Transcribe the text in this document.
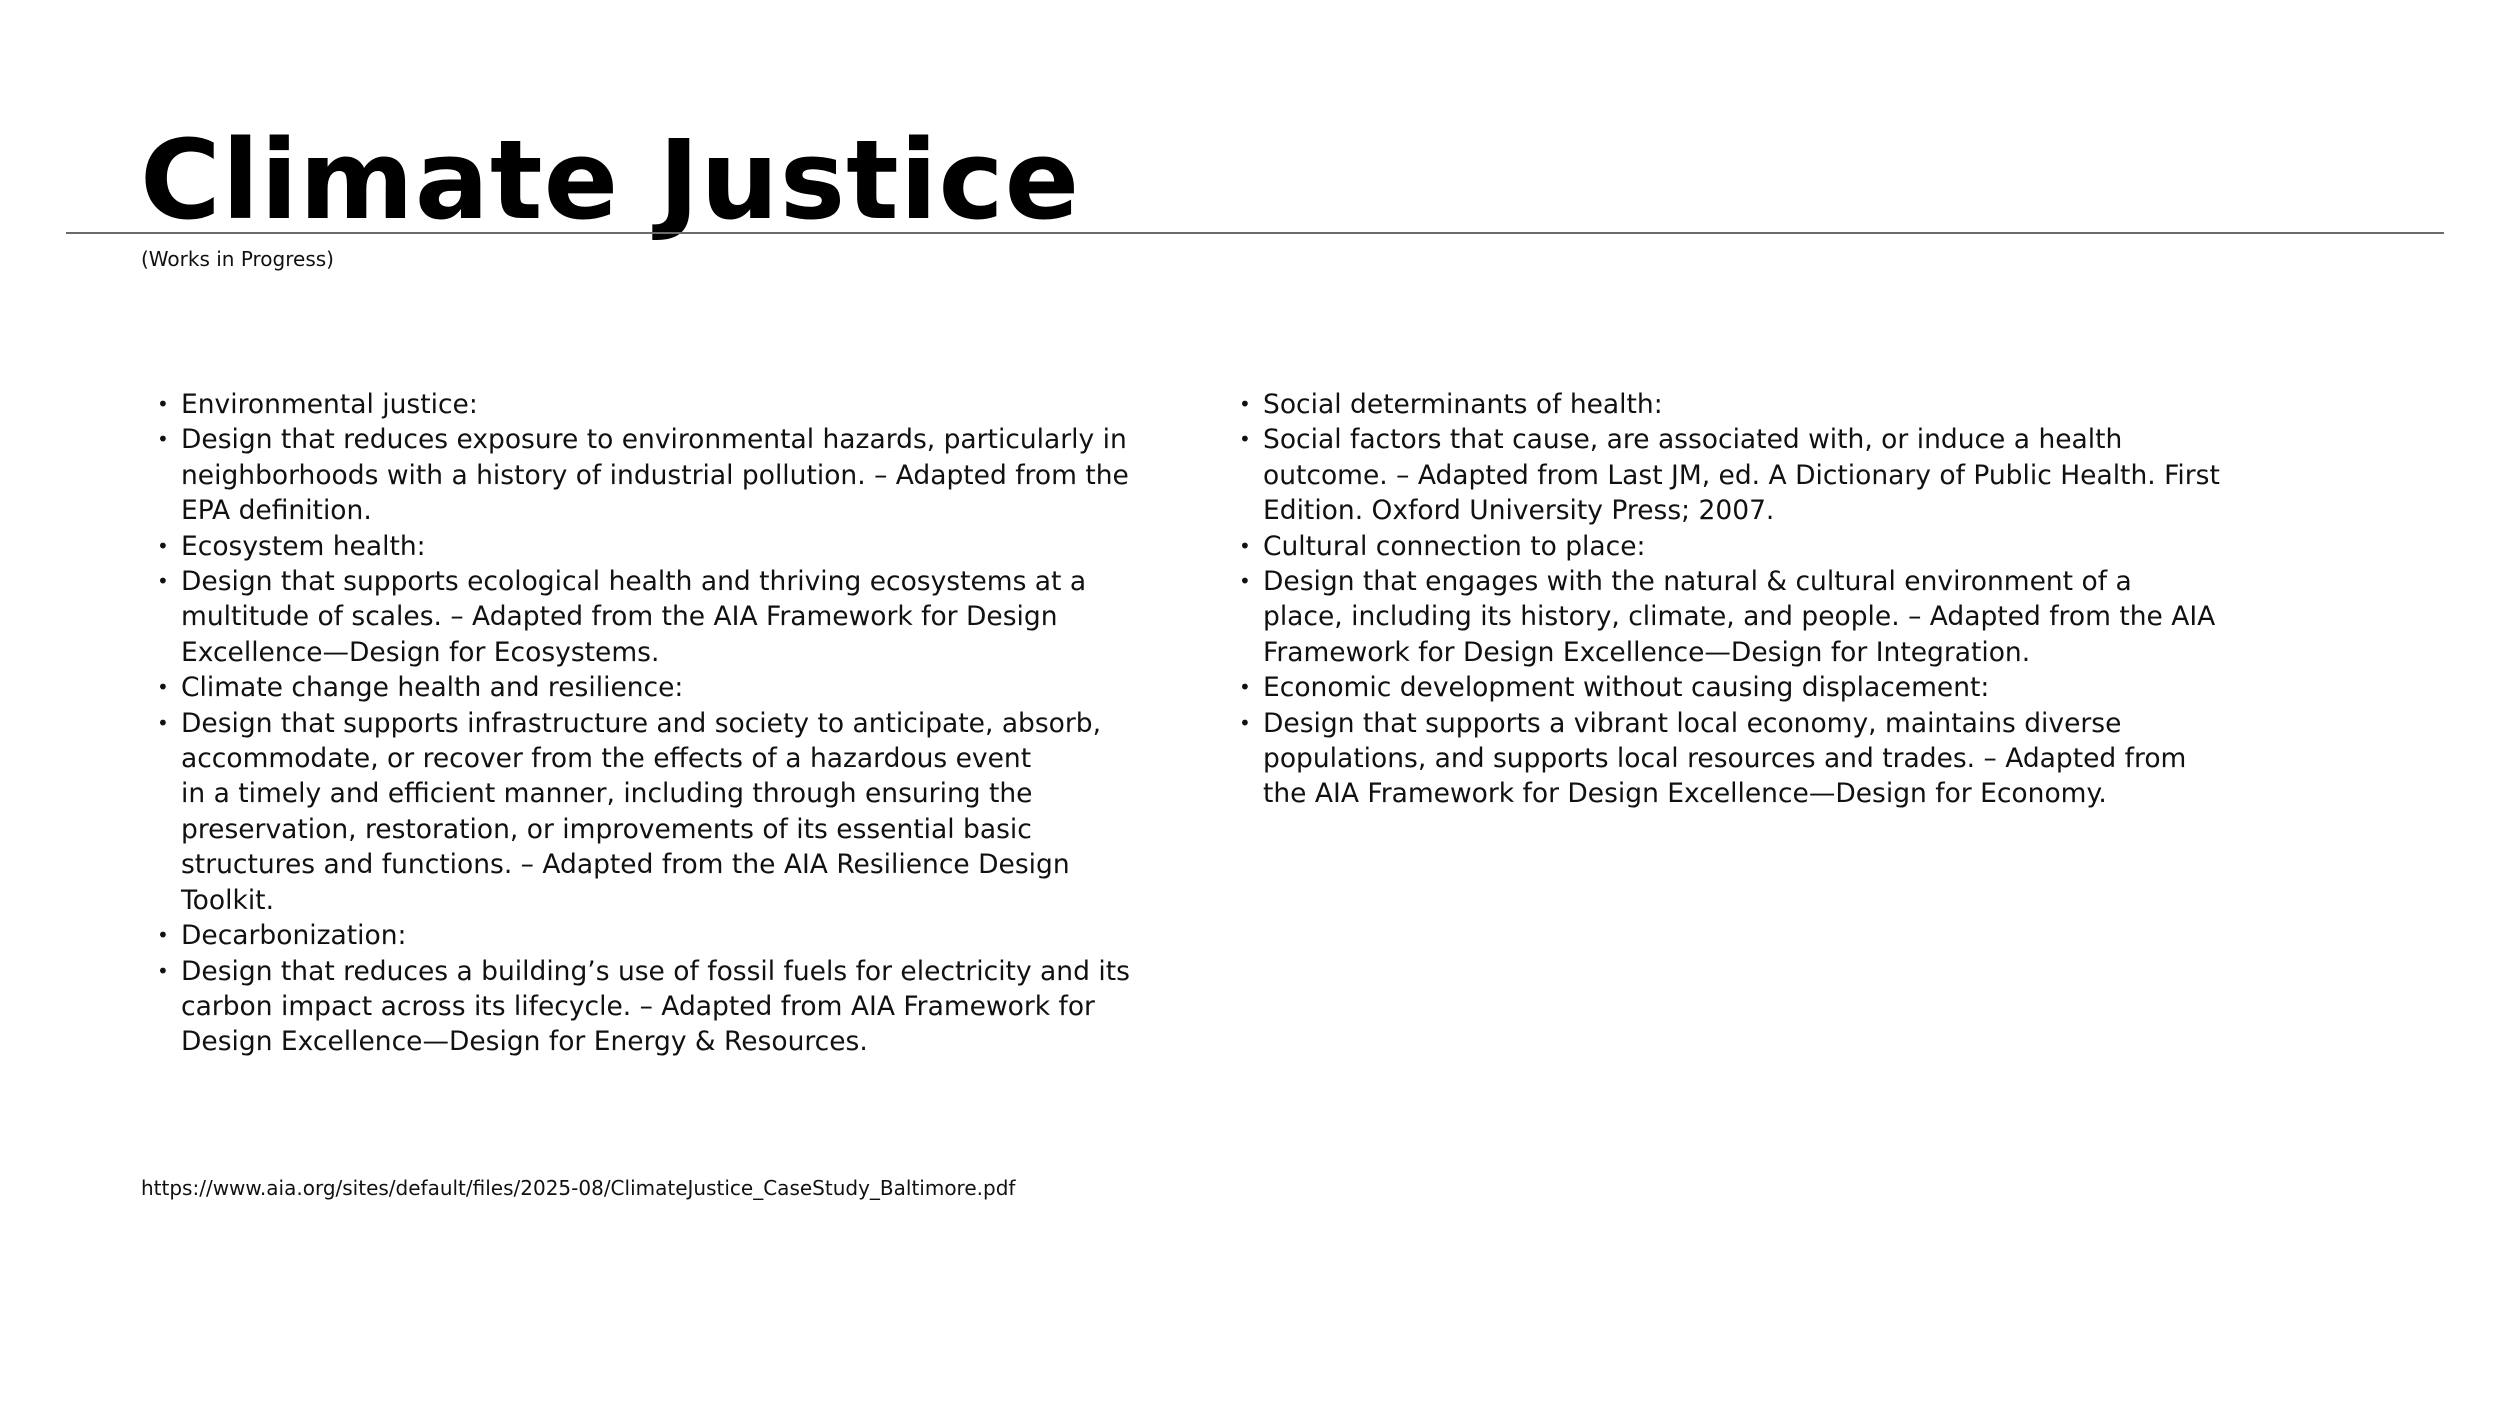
Climate Justice
(Works in Progress)
• Environmental justice:
• Design that reduces exposure to environmental hazards, particularly in
neighborhoods with a history of industrial pollution. – Adapted from the
EPA definition.
• Ecosystem health:
• Design that supports ecological health and thriving ecosystems at a
multitude of scales. – Adapted from the AIA Framework for Design
Excellence—Design for Ecosystems.
• Climate change health and resilience:
• Design that supports infrastructure and society to anticipate, absorb,
accommodate, or recover from the effects of a hazardous event
in a timely and efficient manner, including through ensuring the
preservation, restoration, or improvements of its essential basic
structures and functions. – Adapted from the AIA Resilience Design
Toolkit.
• Decarbonization:
• Design that reduces a building’s use of fossil fuels for electricity and its
carbon impact across its lifecycle. – Adapted from AIA Framework for
Design Excellence—Design for Energy & Resources.
• Social determinants of health:
• Social factors that cause, are associated with, or induce a health
outcome. – Adapted from Last JM, ed. A Dictionary of Public Health. First
Edition. Oxford University Press; 2007.
• Cultural connection to place:
• Design that engages with the natural & cultural environment of a
place, including its history, climate, and people. – Adapted from the AIA
Framework for Design Excellence—Design for Integration.
• Economic development without causing displacement:
• Design that supports a vibrant local economy, maintains diverse
populations, and supports local resources and trades. – Adapted from
the AIA Framework for Design Excellence—Design for Economy.
https://www.aia.org/sites/default/files/2025-08/ClimateJustice_CaseStudy_Baltimore.pdf
